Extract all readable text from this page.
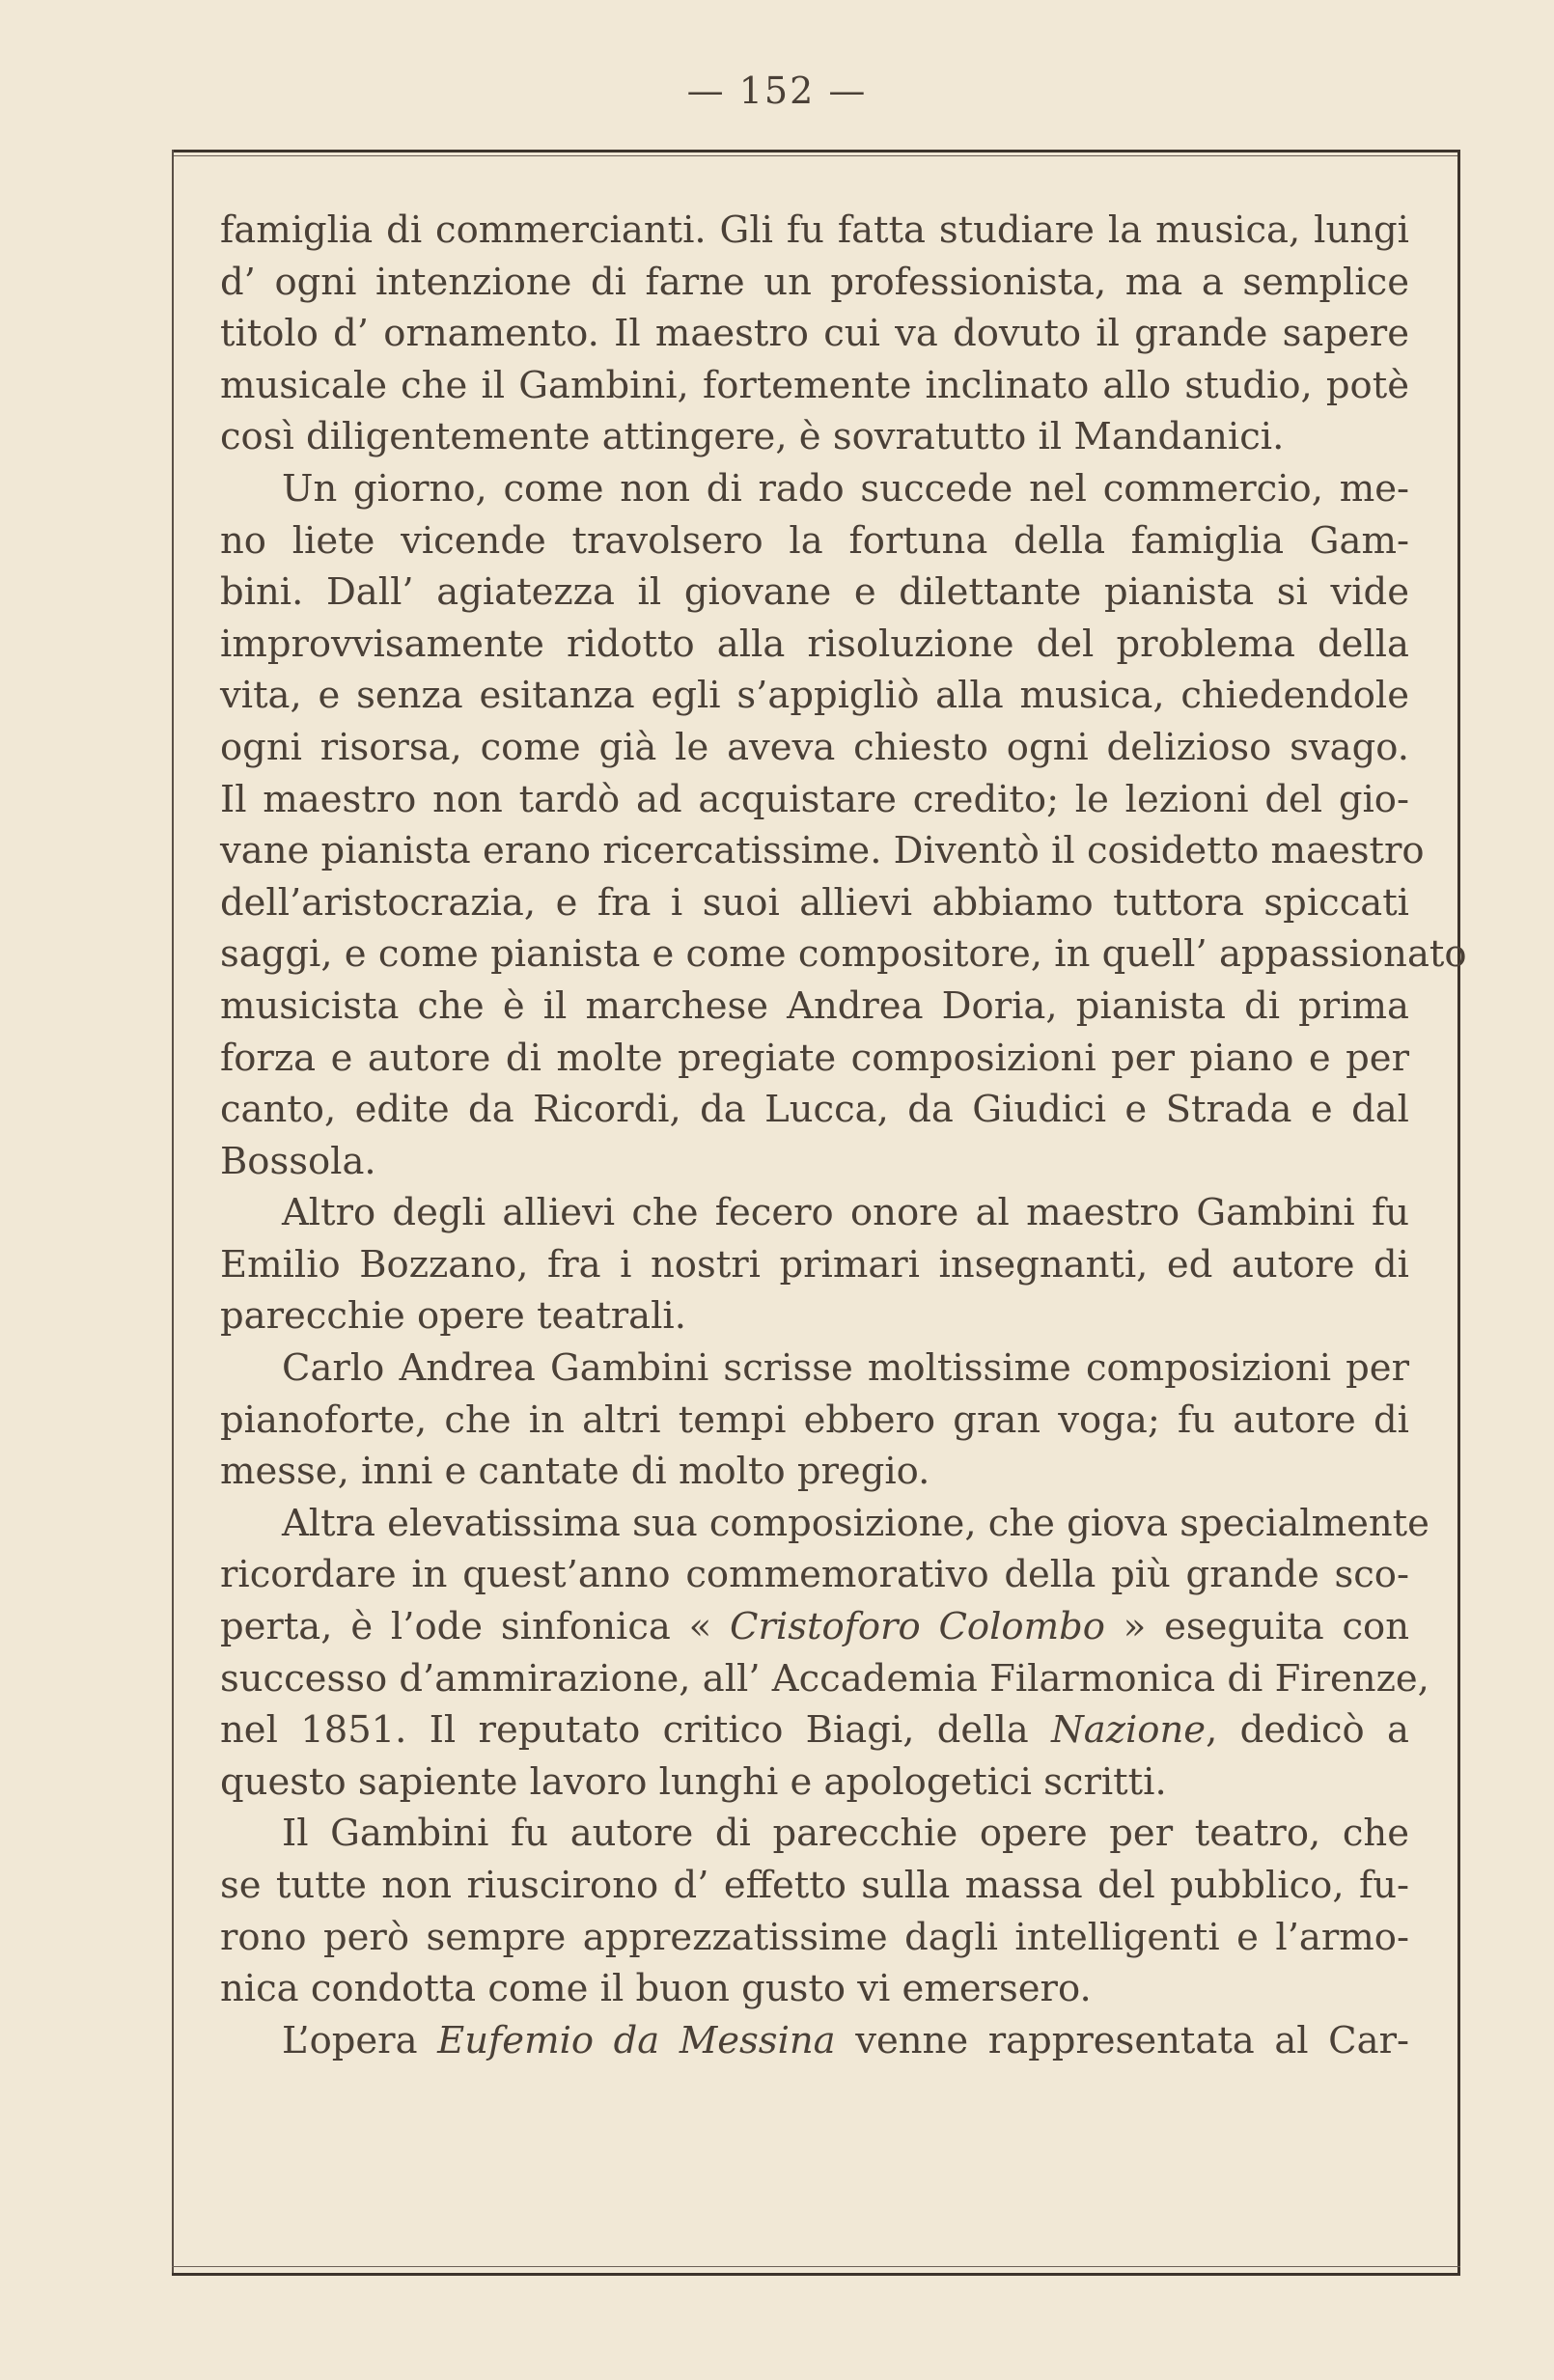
— 152 —
famiglia di commercianti. Gli fu fatta studiare la musica, lungi
d’ ogni intenzione di farne un professionista, ma a semplice
titolo d’ ornamento. Il maestro cui va dovuto il grande sapere
musicale che il Gambini, fortemente inclinato allo studio, potè
così diligentemente attingere, è sovratutto il Mandanici.
Un giorno, come non di rado succede nel commercio, me-
no liete vicende travolsero la fortuna della famiglia Gam-
bini. Dall’ agiatezza il giovane e dilettante pianista si vide
improvvisamente ridotto alla risoluzione del problema della
vita, e senza esitanza egli s’appigliò alla musica, chiedendole
ogni risorsa, come già le aveva chiesto ogni delizioso svago.
Il maestro non tardò ad acquistare credito; le lezioni del gio-
vane pianista erano ricercatissime. Diventò il cosidetto maestro
dell’aristocrazia, e fra i suoi allievi abbiamo tuttora spiccati
saggi, e come pianista e come compositore, in quell’ appassionato
musicista che è il marchese Andrea Doria, pianista di prima
forza e autore di molte pregiate composizioni per piano e per
canto, edite da Ricordi, da Lucca, da Giudici e Strada e dal
Bossola.
Altro degli allievi che fecero onore al maestro Gambini fu
Emilio Bozzano, fra i nostri primari insegnanti, ed autore di
parecchie opere teatrali.
Carlo Andrea Gambini scrisse moltissime composizioni per
pianoforte, che in altri tempi ebbero gran voga; fu autore di
messe, inni e cantate di molto pregio.
Altra elevatissima sua composizione, che giova specialmente
ricordare in quest’anno commemorativo della più grande sco-
perta, è l’ode sinfonica « Cristoforo Colombo » eseguita con
successo d’ammirazione, all’ Accademia Filarmonica di Firenze,
nel 1851. Il reputato critico Biagi, della Nazione, dedicò a
questo sapiente lavoro lunghi e apologetici scritti.
Il Gambini fu autore di parecchie opere per teatro, che
se tutte non riuscirono d’ effetto sulla massa del pubblico, fu-
rono però sempre apprezzatissime dagli intelligenti e l’armo-
nica condotta come il buon gusto vi emersero.
L’opera Eufemio da Messina venne rappresentata al Car-
